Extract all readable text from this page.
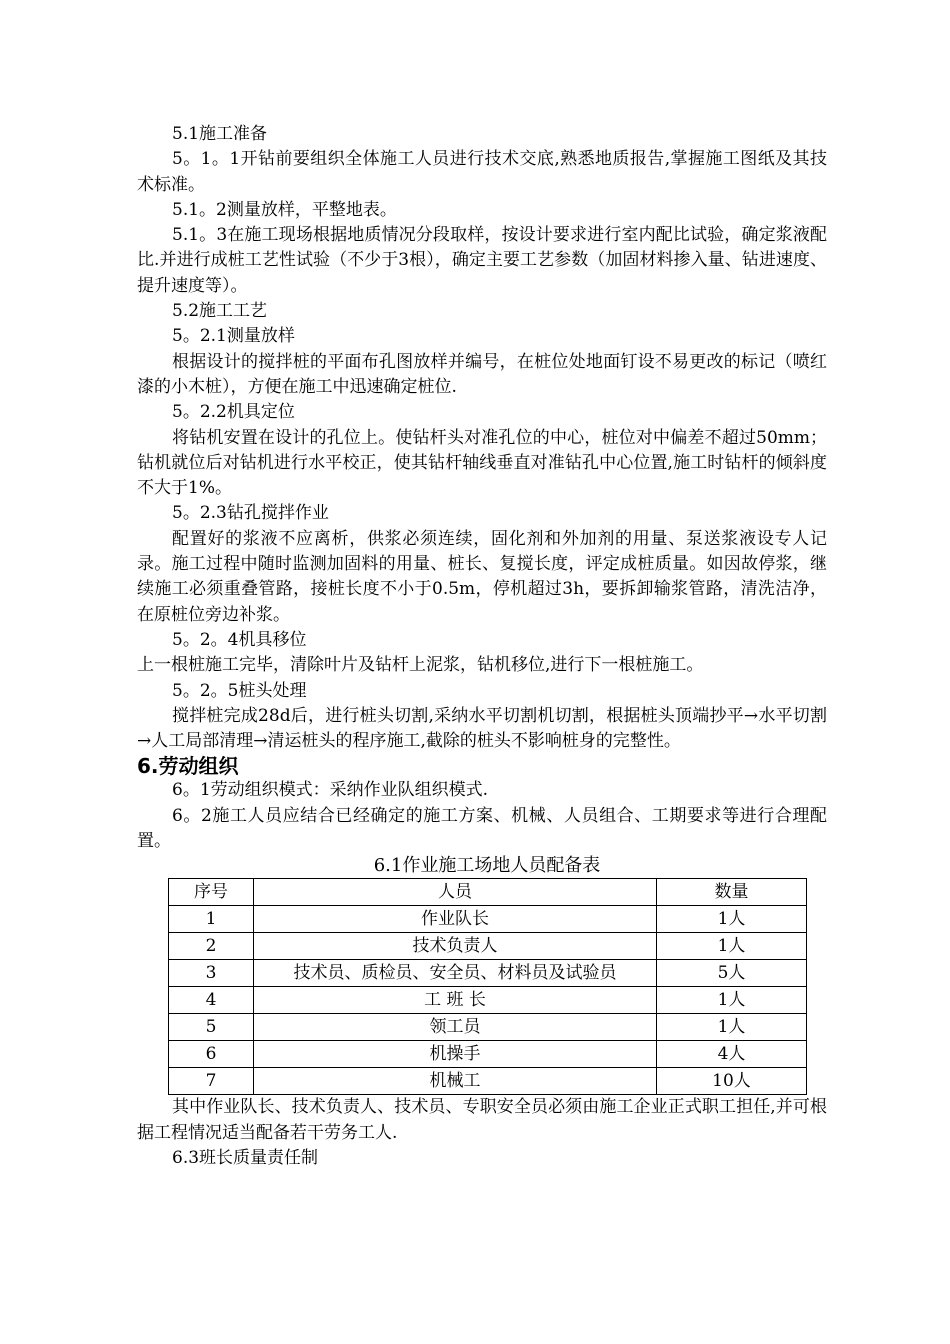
5.1施工准备

5。1。1开钻前要组织全体施工人员进行技术交底,熟悉地质报告,掌握施工图纸及其技术标准。

5.1。2测量放样，平整地表。

5.1。3在施工现场根据地质情况分段取样，按设计要求进行室内配比试验，确定浆液配比.并进行成桩工艺性试验（不少于3根），确定主要工艺参数（加固材料掺入量、钻进速度、提升速度等）。

5.2施工工艺

5。2.1测量放样

根据设计的搅拌桩的平面布孔图放样并编号，在桩位处地面钉设不易更改的标记（喷红漆的小木桩），方便在施工中迅速确定桩位.

5。2.2机具定位

将钻机安置在设计的孔位上。使钻杆头对准孔位的中心，桩位对中偏差不超过50mm；钻机就位后对钻机进行水平校正，使其钻杆轴线垂直对准钻孔中心位置,施工时钻杆的倾斜度不大于1%。

5。2.3钻孔搅拌作业

配置好的浆液不应离析，供浆必须连续，固化剂和外加剂的用量、泵送浆液设专人记录。施工过程中随时监测加固料的用量、桩长、复搅长度，评定成桩质量。如因故停浆，继续施工必须重叠管路，接桩长度不小于0.5m，停机超过3h，要拆卸输浆管路，清洗洁净，在原桩位旁边补浆。

5。2。4机具移位

上一根桩施工完毕，清除叶片及钻杆上泥浆，钻机移位,进行下一根桩施工。

5。2。5桩头处理

搅拌桩完成28d后，进行桩头切割,采纳水平切割机切割，根据桩头顶端抄平→水平切割→人工局部清理→清运桩头的程序施工,截除的桩头不影响桩身的完整性。

6.劳动组织

6。1劳动组织模式：采纳作业队组织模式.

6。2施工人员应结合已经确定的施工方案、机械、人员组合、工期要求等进行合理配置。

6.1作业施工场地人员配备表

序号	人员	数量
1	作业队长	1人
2	技术负责人	1人
3	技术员、质检员、安全员、材料员及试验员	5人
4	工 班 长	1人
5	领工员	1人
6	机操手	4人
7	机械工	10人

其中作业队长、技术负责人、技术员、专职安全员必须由施工企业正式职工担任,并可根据工程情况适当配备若干劳务工人.

6.3班长质量责任制
